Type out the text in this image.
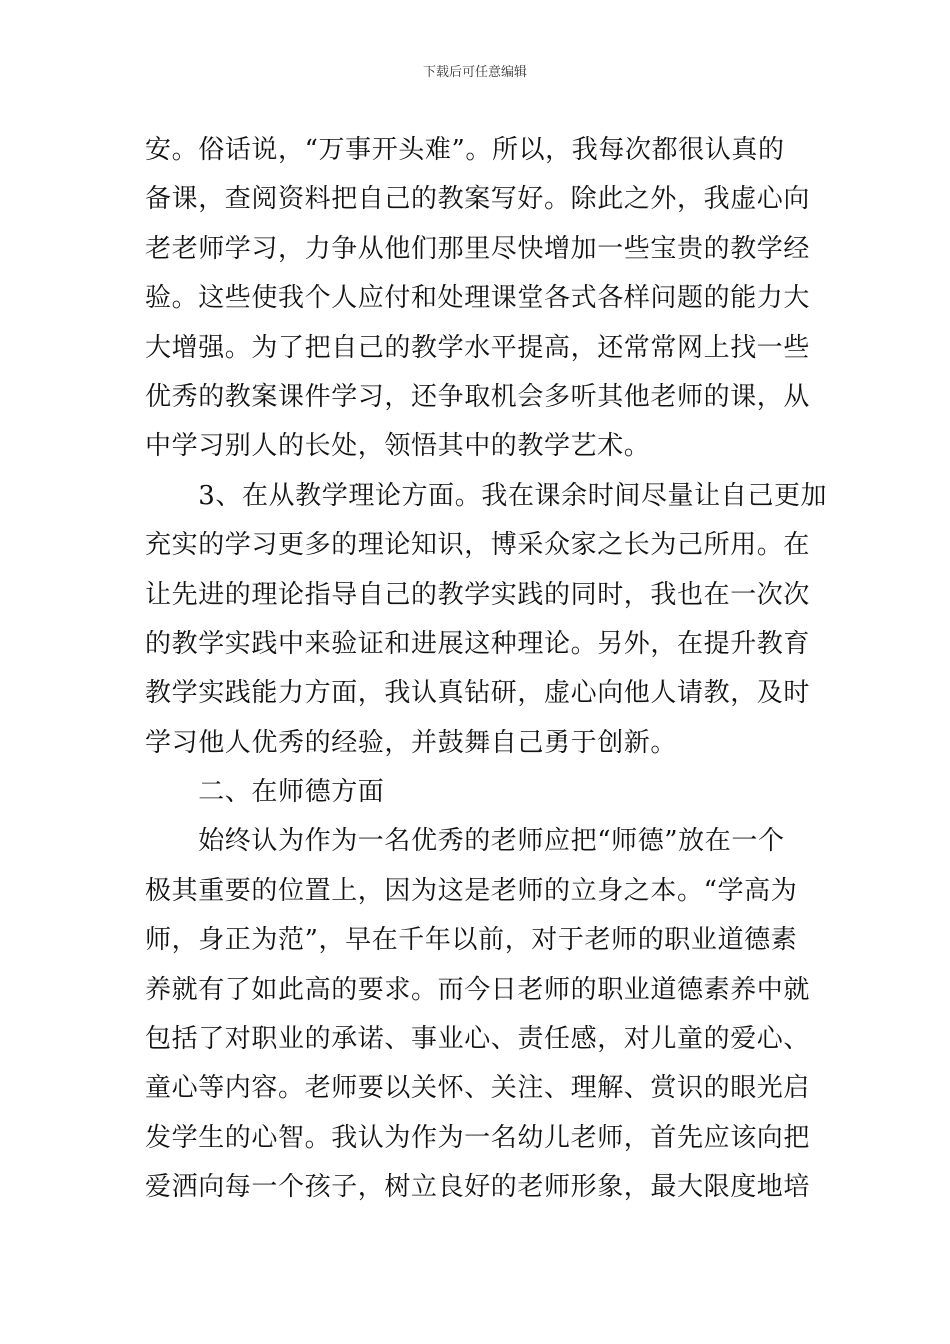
下载后可任意编辑
安。俗话说，“万事开头难”。所以，我每次都很认真的
备课，查阅资料把自己的教案写好。除此之外，我虚心向
老老师学习，力争从他们那里尽快增加一些宝贵的教学经
验。这些使我个人应付和处理课堂各式各样问题的能力大
大增强。为了把自己的教学水平提高，还常常网上找一些
优秀的教案课件学习，还争取机会多听其他老师的课，从
中学习别人的长处，领悟其中的教学艺术。
　　3、在从教学理论方面。我在课余时间尽量让自己更加
充实的学习更多的理论知识，博采众家之长为己所用。在
让先进的理论指导自己的教学实践的同时，我也在一次次
的教学实践中来验证和进展这种理论。另外，在提升教育
教学实践能力方面，我认真钻研，虚心向他人请教，及时
学习他人优秀的经验，并鼓舞自己勇于创新。
　　二、在师德方面
　　始终认为作为一名优秀的老师应把“师德”放在一个
极其重要的位置上，因为这是老师的立身之本。“学高为
师，身正为范”，早在千年以前，对于老师的职业道德素
养就有了如此高的要求。而今日老师的职业道德素养中就
包括了对职业的承诺、事业心、责任感，对儿童的爱心、
童心等内容。老师要以关怀、关注、理解、赏识的眼光启
发学生的心智。我认为作为一名幼儿老师，首先应该向把
爱洒向每一个孩子，树立良好的老师形象，最大限度地培
